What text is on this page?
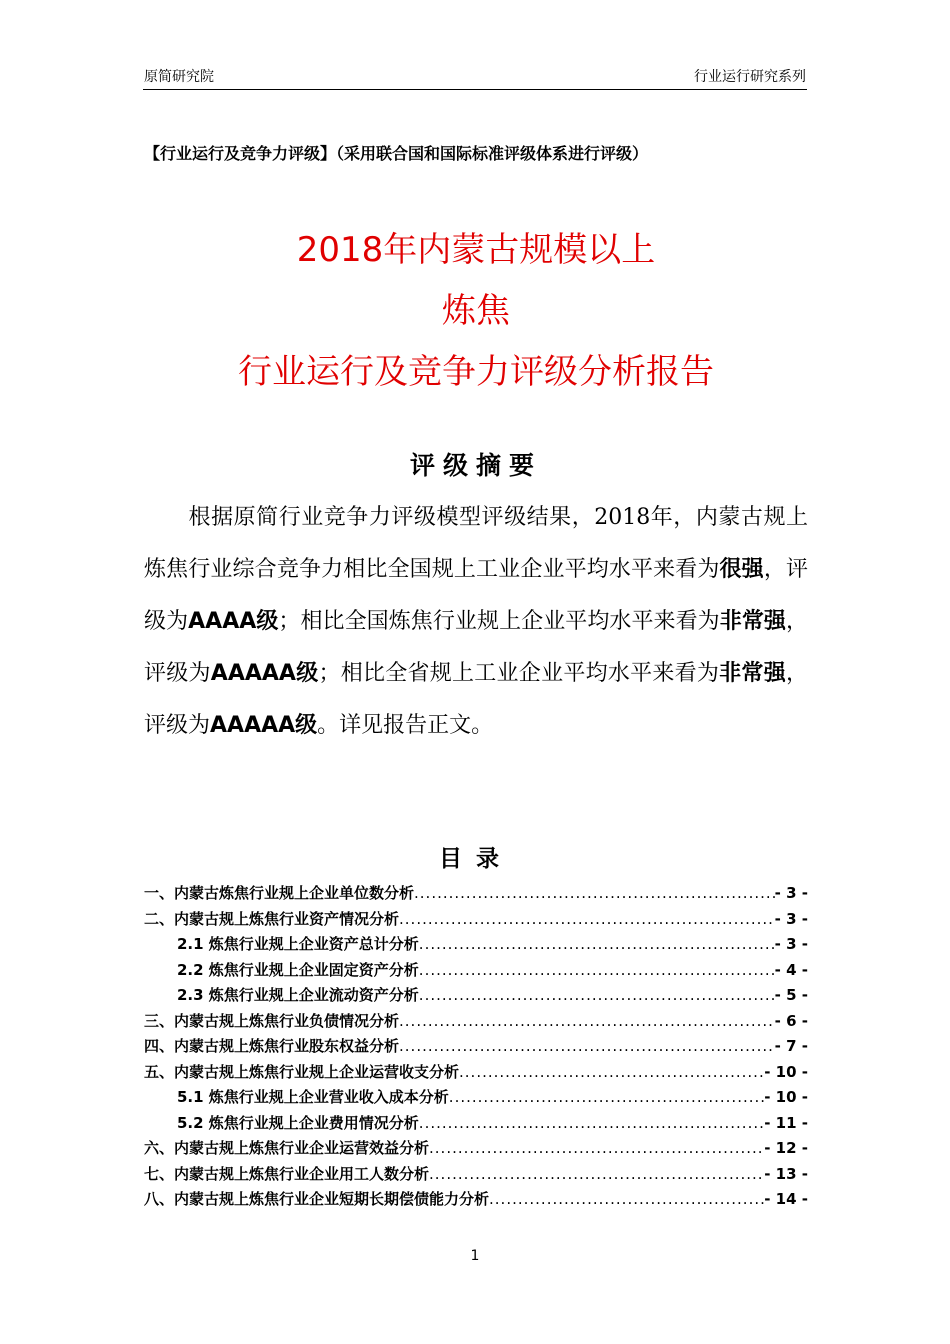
原简研究院	行业运行研究系列
【行业运行及竞争力评级】（采用联合国和国际标准评级体系进行评级）
2018年内蒙古规模以上
炼焦
行业运行及竞争力评级分析报告
评级摘要
根据原简行业竞争力评级模型评级结果，2018年，内蒙古规上炼焦行业综合竞争力相比全国规上工业企业平均水平来看为很强，评级为AAAA级；相比全国炼焦行业规上企业平均水平来看为非常强，评级为AAAAA级；相比全省规上工业企业平均水平来看为非常强，评级为AAAAA级。详见报告正文。
目录
一、内蒙古炼焦行业规上企业单位数分析 .....	- 3 -
二、内蒙古规上炼焦行业资产情况分析 .....	- 3 -
2.1 炼焦行业规上企业资产总计分析 .....	- 3 -
2.2 炼焦行业规上企业固定资产分析 .....	- 4 -
2.3 炼焦行业规上企业流动资产分析 .....	- 5 -
三、内蒙古规上炼焦行业负债情况分析 .....	- 6 -
四、内蒙古规上炼焦行业股东权益分析 .....	- 7 -
五、内蒙古规上炼焦行业规上企业运营收支分析 .....	- 10 -
5.1 炼焦行业规上企业营业收入成本分析 .....	- 10 -
5.2 炼焦行业规上企业费用情况分析 .....	- 11 -
六、内蒙古规上炼焦行业企业运营效益分析 .....	- 12 -
七、内蒙古规上炼焦行业企业用工人数分析 .....	- 13 -
八、内蒙古规上炼焦行业企业短期长期偿债能力分析 .....	- 14 -
1
